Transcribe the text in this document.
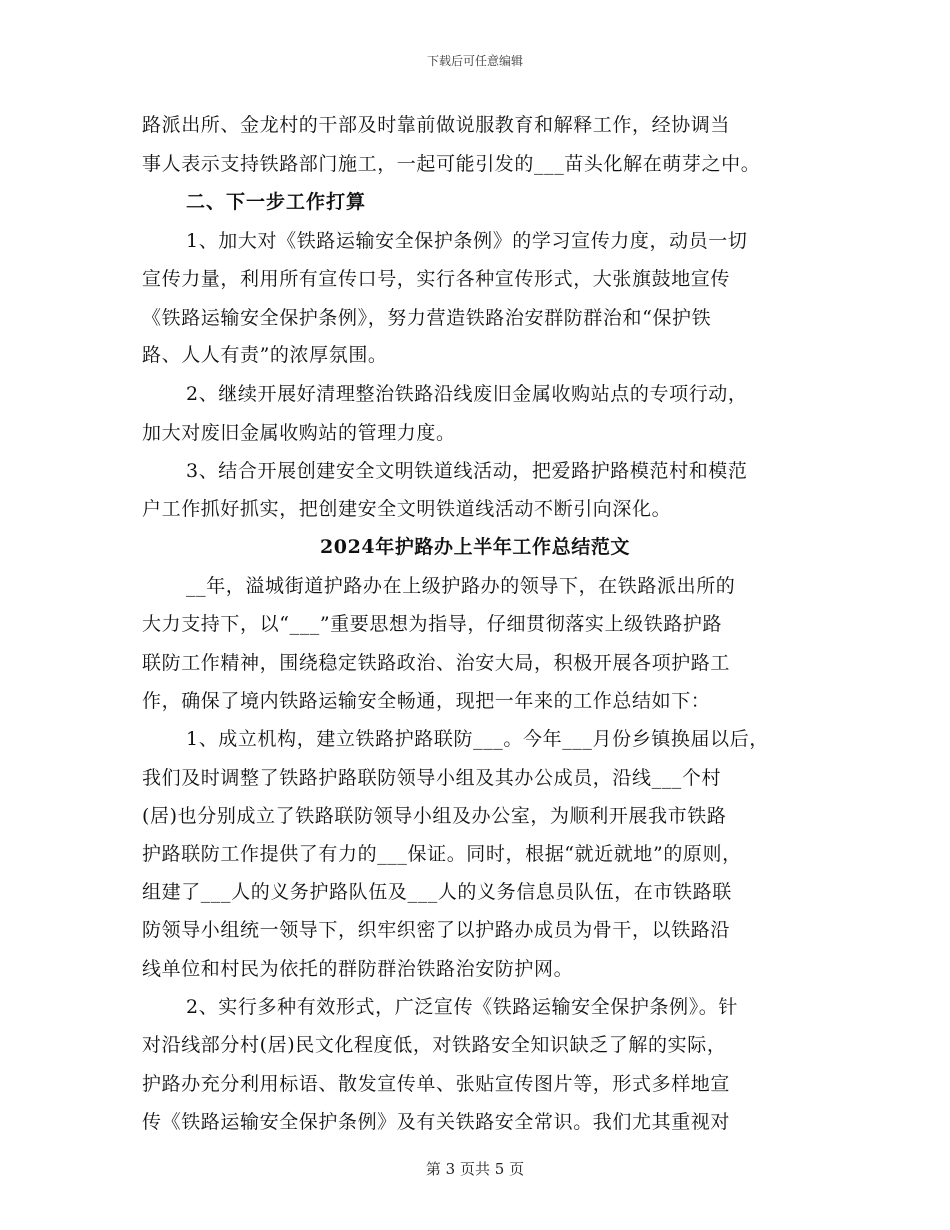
下载后可任意编辑
路派出所、金龙村的干部及时靠前做说服教育和解释工作，经协调当
事人表示支持铁路部门施工，一起可能引发的___苗头化解在萌芽之中。
二、下一步工作打算
1、加大对《铁路运输安全保护条例》的学习宣传力度，动员一切
宣传力量，利用所有宣传口号，实行各种宣传形式，大张旗鼓地宣传
《铁路运输安全保护条例》，努力营造铁路治安群防群治和“保护铁
路、人人有责”的浓厚氛围。
2、继续开展好清理整治铁路沿线废旧金属收购站点的专项行动，
加大对废旧金属收购站的管理力度。
3、结合开展创建安全文明铁道线活动，把爱路护路模范村和模范
户工作抓好抓实，把创建安全文明铁道线活动不断引向深化。
2024年护路办上半年工作总结范文
__年，溢城街道护路办在上级护路办的领导下，在铁路派出所的
大力支持下，以“___”重要思想为指导，仔细贯彻落实上级铁路护路
联防工作精神，围绕稳定铁路政治、治安大局，积极开展各项护路工
作，确保了境内铁路运输安全畅通，现把一年来的工作总结如下：
1、成立机构，建立铁路护路联防___。今年___月份乡镇换届以后，
我们及时调整了铁路护路联防领导小组及其办公成员，沿线___个村
(居)也分别成立了铁路联防领导小组及办公室，为顺利开展我市铁路
护路联防工作提供了有力的___保证。同时，根据“就近就地”的原则，
组建了___人的义务护路队伍及___人的义务信息员队伍，在市铁路联
防领导小组统一领导下，织牢织密了以护路办成员为骨干，以铁路沿
线单位和村民为依托的群防群治铁路治安防护网。
2、实行多种有效形式，广泛宣传《铁路运输安全保护条例》。针
对沿线部分村(居)民文化程度低，对铁路安全知识缺乏了解的实际，
护路办充分利用标语、散发宣传单、张贴宣传图片等，形式多样地宣
传《铁路运输安全保护条例》及有关铁路安全常识。我们尤其重视对
第 3 页共 5 页
